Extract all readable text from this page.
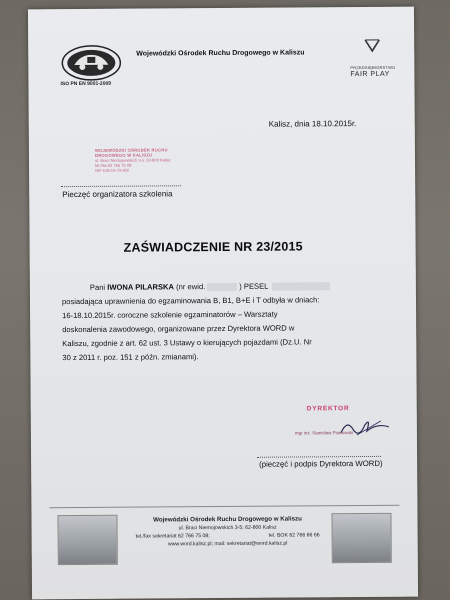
ISO PN EN 9001-2009
Wojewódzki Ośrodek Ruchu Drogowego w Kaliszu
PRZEDSIĘBIORSTWO
FAIR PLAY
Kalisz, dnia 18.10.2015r.
WOJEWÓDZKI OŚRODEK RUCHU
DROGOWEGO W KALISZU
ul. Braci Niemojowskich 3-5, 62-800 Kalisz
tel./fax 62 766 75 08
NIP 618-19-73-302
Pieczęć organizatora szkolenia
ZAŚWIADCZENIE NR 23/2015
Pani IWONA PILARSKA (nr ewid.	) PESEL
posiadająca uprawnienia do egzaminowania B, B1, B+E i T odbyła w dniach:
16-18.10.2015r. coroczne szkolenie egzaminatorów – Warsztaty
doskonalenia zawodowego, organizowane przez Dyrektora WORD w
Kaliszu, zgodnie z art. 62 ust. 3 Ustawy o kierujących pojazdami (Dz.U. Nr
30 z 2011 r. poz. 151 z późn. zmianami).
DYREKTOR
mgr inż. Stanisław Piotrowski
(pieczęć i podpis Dyrektora WORD)
Wojewódzki Ośrodek Ruchu Drogowego w Kaliszu
ul. Braci Niemojowskich 3-5; 62-800 Kalisz
tel./fax sekretariat 62 766 75 08;	tel. BOK 62 766 66 66
www.word.kalisz.pl; mail: sekretariat@word.kalisz.pl
